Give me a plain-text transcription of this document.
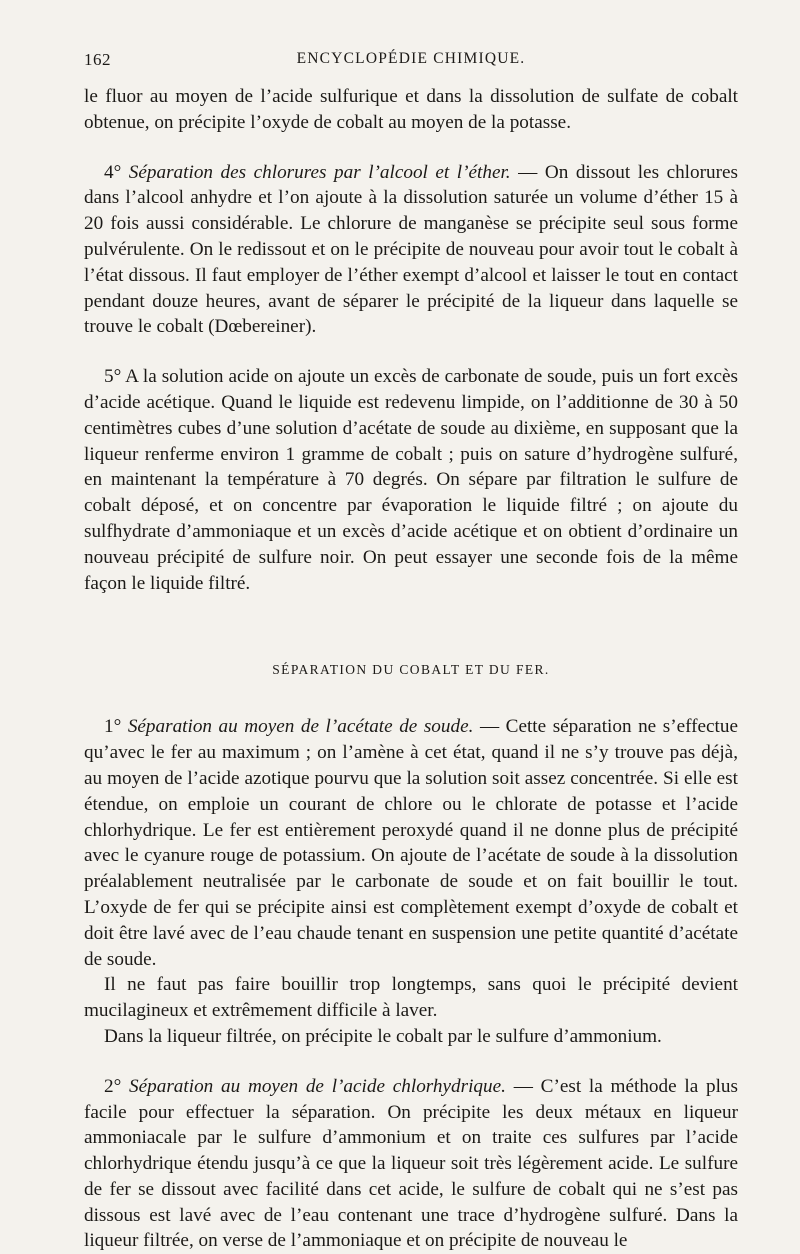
162	ENCYCLOPÉDIE CHIMIQUE.

le fluor au moyen de l’acide sulfurique et dans la dissolution de sulfate de cobalt obtenue, on précipite l’oxyde de cobalt au moyen de la potasse.

4° Séparation des chlorures par l’alcool et l’éther. — On dissout les chlorures dans l’alcool anhydre et l’on ajoute à la dissolution saturée un volume d’éther 15 à 20 fois aussi considérable. Le chlorure de manganèse se précipite seul sous forme pulvérulente. On le redissout et on le précipite de nouveau pour avoir tout le cobalt à l’état dissous. Il faut employer de l’éther exempt d’alcool et laisser le tout en contact pendant douze heures, avant de séparer le précipité de la liqueur dans laquelle se trouve le cobalt (Dœbereiner).

5° A la solution acide on ajoute un excès de carbonate de soude, puis un fort excès d’acide acétique. Quand le liquide est redevenu limpide, on l’additionne de 30 à 50 centimètres cubes d’une solution d’acétate de soude au dixième, en supposant que la liqueur renferme environ 1 gramme de cobalt ; puis on sature d’hydrogène sulfuré, en maintenant la température à 70 degrés. On sépare par filtration le sulfure de cobalt déposé, et on concentre par évaporation le liquide filtré ; on ajoute du sulfhydrate d’ammoniaque et un excès d’acide acétique et on obtient d’ordinaire un nouveau précipité de sulfure noir. On peut essayer une seconde fois de la même façon le liquide filtré.

SÉPARATION DU COBALT ET DU FER.

1° Séparation au moyen de l’acétate de soude. — Cette séparation ne s’effectue qu’avec le fer au maximum ; on l’amène à cet état, quand il ne s’y trouve pas déjà, au moyen de l’acide azotique pourvu que la solution soit assez concentrée. Si elle est étendue, on emploie un courant de chlore ou le chlorate de potasse et l’acide chlorhydrique. Le fer est entièrement peroxydé quand il ne donne plus de précipité avec le cyanure rouge de potassium. On ajoute de l’acétate de soude à la dissolution préalablement neutralisée par le carbonate de soude et on fait bouillir le tout. L’oxyde de fer qui se précipite ainsi est complètement exempt d’oxyde de cobalt et doit être lavé avec de l’eau chaude tenant en suspension une petite quantité d’acétate de soude.

Il ne faut pas faire bouillir trop longtemps, sans quoi le précipité devient mucilagineux et extrêmement difficile à laver.

Dans la liqueur filtrée, on précipite le cobalt par le sulfure d’ammonium.

2° Séparation au moyen de l’acide chlorhydrique. — C’est la méthode la plus facile pour effectuer la séparation. On précipite les deux métaux en liqueur ammoniacale par le sulfure d’ammonium et on traite ces sulfures par l’acide chlorhydrique étendu jusqu’à ce que la liqueur soit très légèrement acide. Le sulfure de fer se dissout avec facilité dans cet acide, le sulfure de cobalt qui ne s’est pas dissous est lavé avec de l’eau contenant une trace d’hydrogène sulfuré. Dans la liqueur filtrée, on verse de l’ammoniaque et on précipite de nouveau le
